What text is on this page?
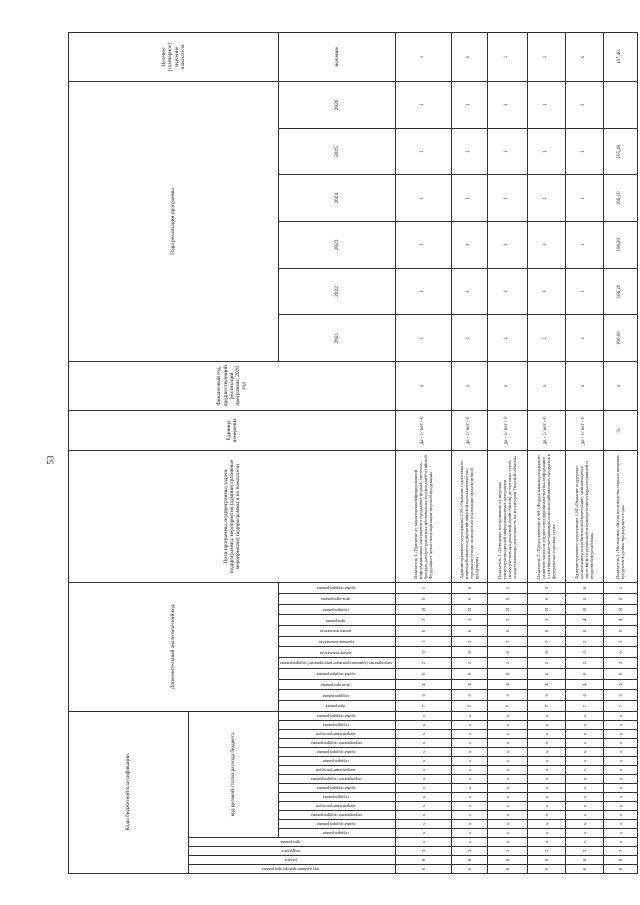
53
Коды бюджетной классификации																		Дополнительный аналитический код												Цели программы, подпрограммы, задачи подпрограммы, мероприятия (административные мероприятия) подпрограммы и их показатели	Единица измерения	Финансовый год, предшествующий реализации программы, 2020 год	Годы реализации программы						Целевое (суммарное) значение показателя
код администратора программы	раздел	подраздел	программа	код целевой статьи расхода бюджета																																			
				подпрограмма	задача подпрограммы	мероприятие подпрограммы	направление расходов	подпрограмма	задача подпрограммы	мероприятие подпрограммы	направление расходов	подпрограмма	задача подпрограммы	мероприятие подпрограммы	направление расходов	подпрограмма	задача подпрограммы	программа	подпрограмма	цель программы	задача подпрограммы	мероприятие (административное мероприятие) подпрограммы	номер показателя	признак показателя	номер показателя	программа	подпрограмма	цель программы	задача подпрограммы				2021	2022	2023	2024	2025	2026	значение
0	8	3	х	х	х	х	х	х	х	х	х	х	х	х	х	х	х	7	6	4	0	2	0	2	0	3	Я	0	1	Показатель 1 «Принятие до закрытия квалифицированной информационных материалов о продажных формах, системах, брендах, распространяемых фестиваль на территории Российской Федерации с целью популяризации тверской продукции»	да - 1/ нет - 0	х	1	1	1	1	1	1	1
0	8	3	х	х	х	х	х	х	х	х	х	х	х	х	х	х	х	7	6	4	0	2	0	2	0	3	Я	0	0	Административное мероприятие 2.03 «Оказание содействия по взаимодействию предприятий пищевой промышленности с торговыми сетями по вопросам реализации произведенной продукции»	да - 1/ нет - 0	х	1	1	1	1	1	1	х
0	8	3	х	х	х	х	х	х	х	х	х	х	х	х	х	х	х	7	6	4	0	2	0	2	0	3	Я	0	1	Показатель 1 «Доведение поступивших от тверских товаропроизводителей информационных материалов (коммерческих предложений, прайс-листов) до торговых сетей, осуществляющих деятельность на территории Тверской области»	да - 1/ нет - 0	х	1	1	1	1	1	1	1
0	8	3	х	х	х	х	х	х	х	х	х	х	х	х	х	х	х	7	6	4	0	2	0	2	0	3	Я	0	2	Показатель 2 «Предоставление в АО «Федеральная корпорация по развитию малого и среднего предпринимательства» информации о потенциальных поставщиках сельскохозяйственных продуктов в федеральные торговые сети»	да - 1/ нет - 0	х	1	1	1	1	1	1	1
0	8	3	х	х	х	х	х	х	х	х	х	х	х	х	х	х	х	7	6	4	0	2	0	2	0	4	Я	0	0	Административное мероприятие 2.04 «Оказание поддержки организациям потребительской кооперации, занимающимся заготовкой, переработкой и приобретением сырья первичной и вторичной переработки»	да - 1/ нет - 0	х	1	1	1	1	1	1	х
0	8	3	х	х	х	х	х	х	х	х	х	х	х	х	х	х	х	7	6	4	0	2	0	2	0	4	Я	0	1	Показатель 1 «Увеличение объема производства сырья и пищевых продуктов в уровне предыдущего года»	%	х	106,00	106,20	106,20	106,10	105,40		107,40
